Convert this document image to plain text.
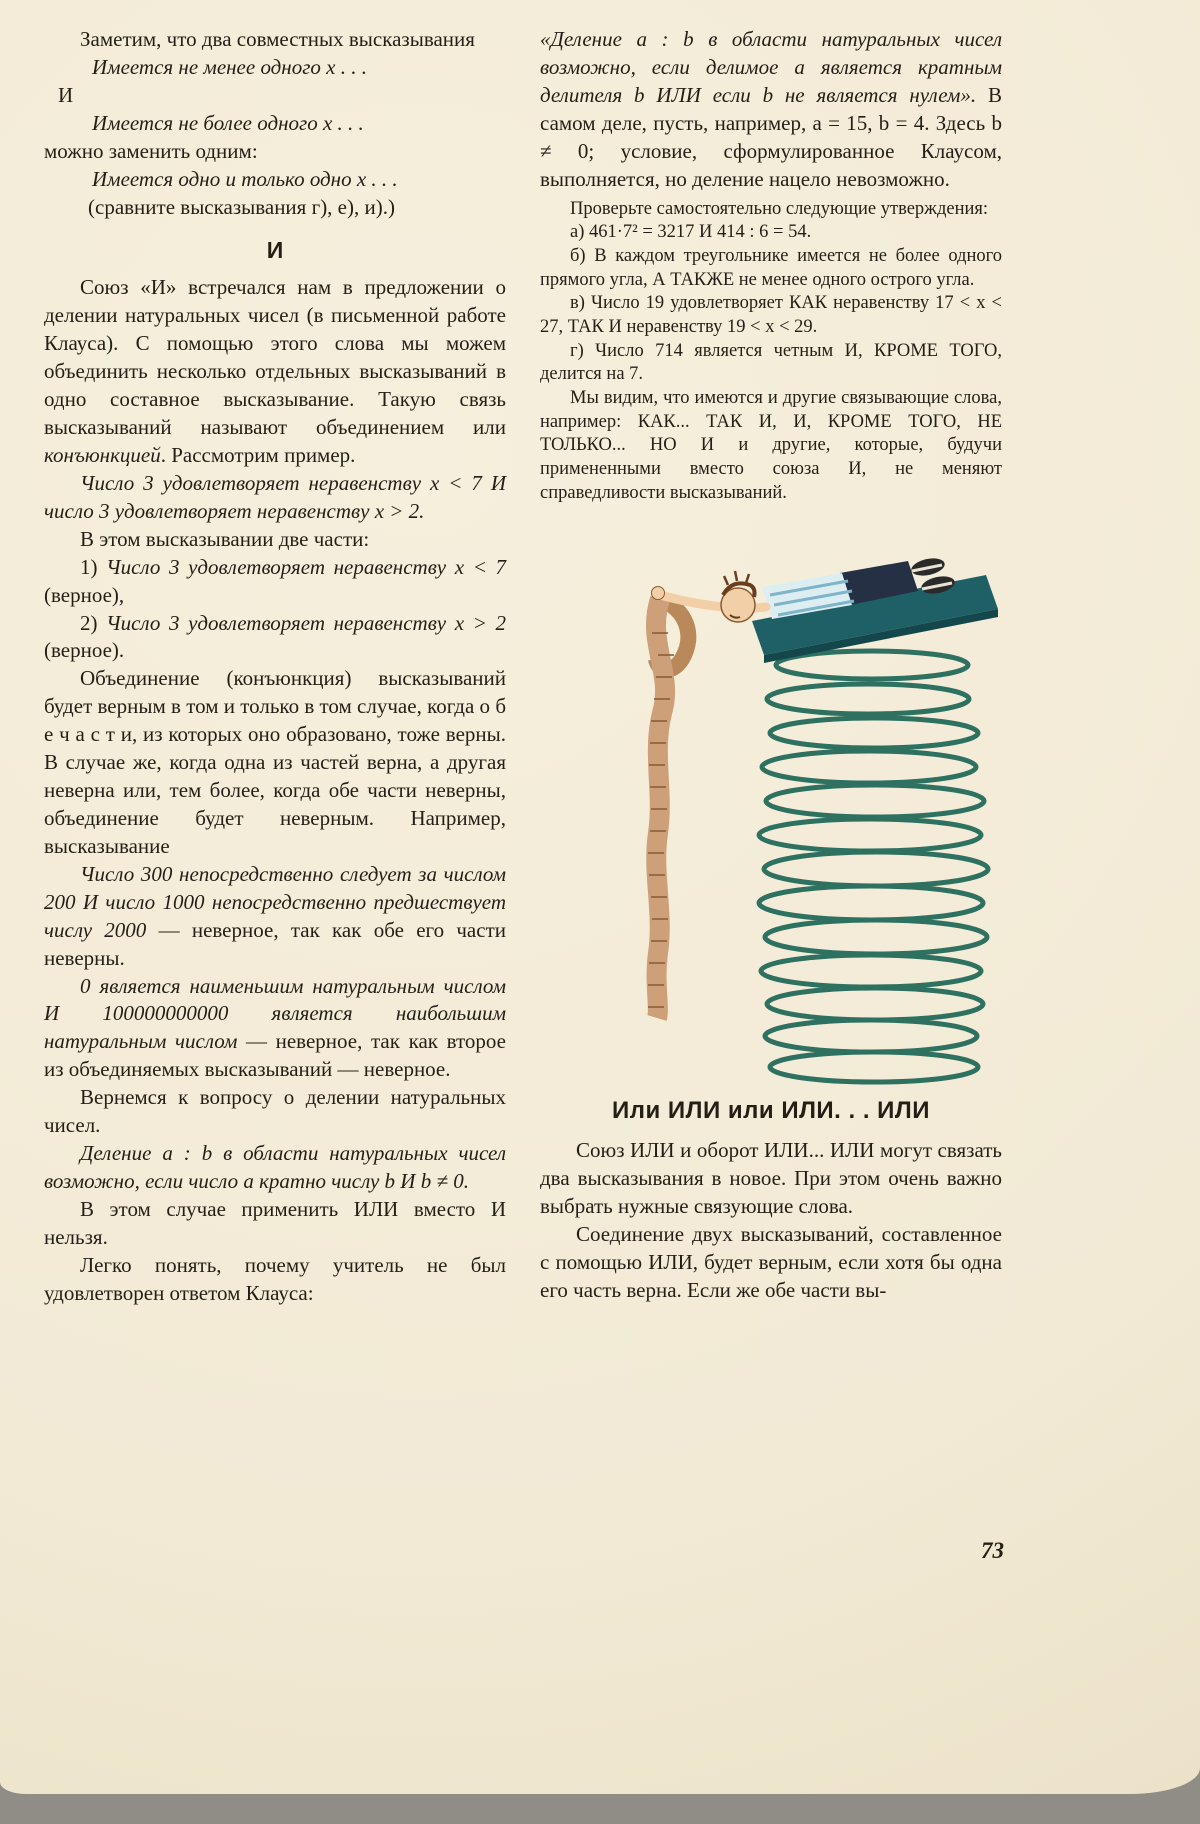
Заметим, что два совместных высказывания

Имеется не менее одного x . . .

И

Имеется не более одного x . . .

можно заменить одним:

Имеется одно и только одно x . . .

(сравните высказывания г), е), и).)

И

Союз «И» встречался нам в предложении о делении натуральных чисел (в письменной работе Клауса). С помощью этого слова мы можем объединить несколько отдельных высказываний в одно составное высказывание. Такую связь высказываний называют объединением или конъюнкцией. Рассмотрим пример.

Число 3 удовлетворяет неравенству x < 7 И число 3 удовлетворяет неравенству x > 2.

В этом высказывании две части:

1) Число 3 удовлетворяет неравенству x < 7 (верное),

2) Число 3 удовлетворяет неравенству x > 2 (верное).

Объединение (конъюнкция) высказываний будет верным в том и только в том случае, когда о б е ч а с т и, из которых оно образовано, тоже верны. В случае же, когда одна из частей верна, а другая неверна или, тем более, когда обе части неверны, объединение будет неверным. Например, высказывание

Число 300 непосредственно следует за числом 200 И число 1000 непосредственно предшествует числу 2000 — неверное, так как обе его части неверны.

0 является наименьшим натуральным числом И 100000000000 является наибольшим натуральным числом — неверное, так как второе из объединяемых высказываний — неверное.

Вернемся к вопросу о делении натуральных чисел.

Деление a : b в области натуральных чисел возможно, если число a кратно числу b И b ≠ 0.

В этом случае применить ИЛИ вместо И нельзя.

Легко понять, почему учитель не был удовлетворен ответом Клауса:

«Деление a : b в области натуральных чисел возможно, если делимое a является кратным делителя b ИЛИ если b не является нулем». В самом деле, пусть, например, a = 15, b = 4. Здесь b ≠ 0; условие, сформулированное Клаусом, выполняется, но деление нацело невозможно.

Проверьте самостоятельно следующие утверждения:

а) 461·7² = 3217 И 414 : 6 = 54.

б) В каждом треугольнике имеется не более одного прямого угла, А ТАКЖЕ не менее одного острого угла.

в) Число 19 удовлетворяет КАК неравенству 17 < x < 27, ТАК И неравенству 19 < x < 29.

г) Число 714 является четным И, КРОМЕ ТОГО, делится на 7.

Мы видим, что имеются и другие связывающие слова, например: КАК... ТАК И, И, КРОМЕ ТОГО, НЕ ТОЛЬКО... НО И и другие, которые, будучи примененными вместо союза И, не меняют справедливости высказываний.

Или ИЛИ или ИЛИ. . . ИЛИ

Союз ИЛИ и оборот ИЛИ... ИЛИ могут связать два высказывания в новое. При этом очень важно выбрать нужные связующие слова.

Соединение двух высказываний, составленное с помощью ИЛИ, будет верным, если хотя бы одна его часть верна. Если же обе части вы-

73
